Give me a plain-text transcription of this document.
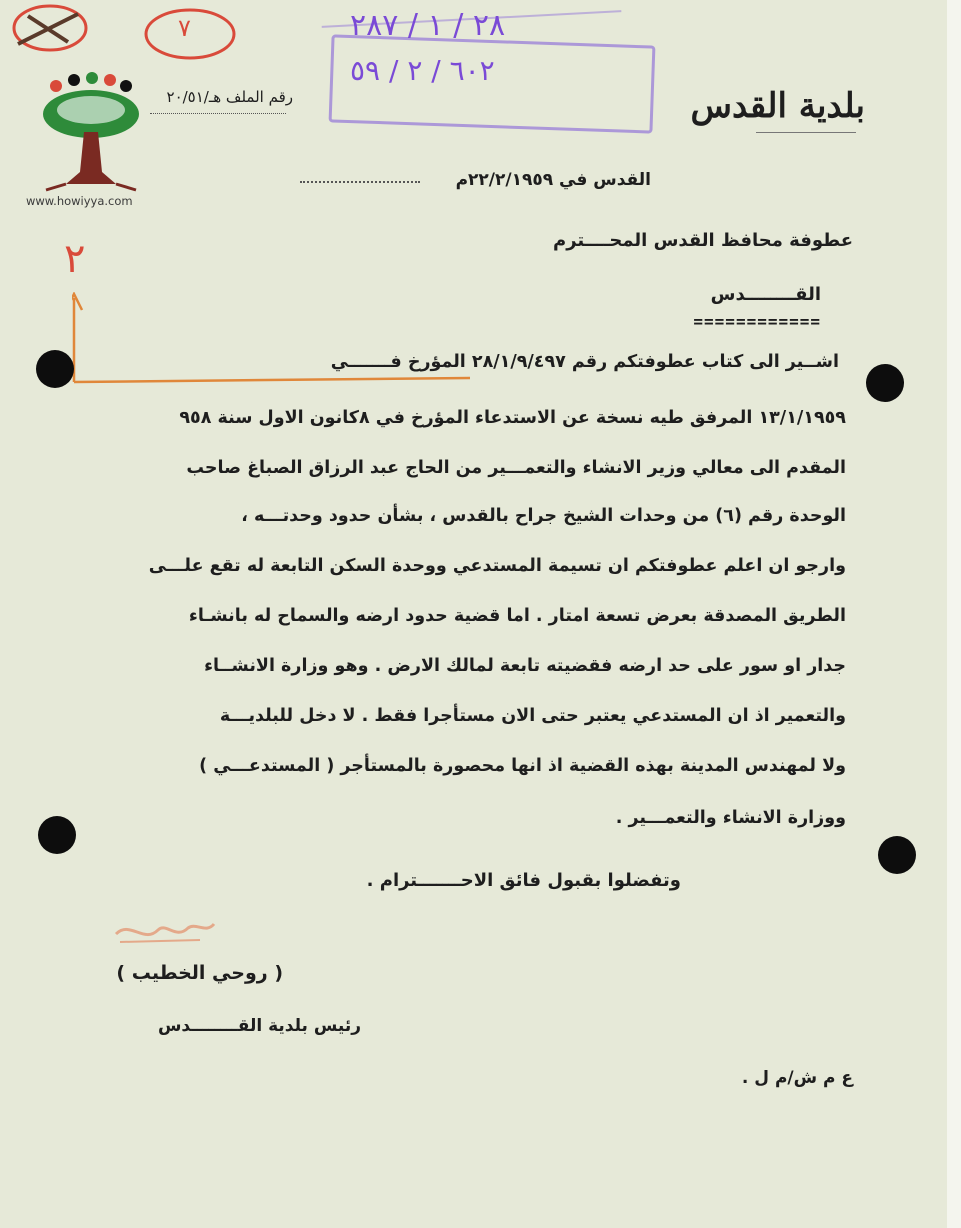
٧	٢٨ / ١ / ٢٨٧
٦٠٢ / ٢ / ٥٩
بلدية القدس
رقم الملف هـ/٢٠/٥١
www.howiyya.com
القدس في ٢٢/٢/١٩٥٩م
عطوفة محافظ القدس المحــــترم
القــــــــدس
============
٢
اشــير الى كتاب عطوفتكم رقم ٢٨/١/٩/٤٩٧ المؤرخ فـــــــي
١٣/١/١٩٥٩ المرفق طيه نسخة عن الاستدعاء المؤرخ في ٨كانون الاول سنة ٩٥٨
المقدم الى معالي وزير الانشاء والتعمـــير من الحاج عبد الرزاق الصباغ صاحب
الوحدة رقم (٦) من وحدات الشيخ جراح بالقدس ، بشأن حدود وحدتـــه ،
وارجو ان اعلم عطوفتكم ان تسيمة المستدعي ووحدة السكن التابعة له تقع علـــى
الطريق المصدقة بعرض تسعة امتار . اما قضية حدود ارضه والسماح له بانشـاء
جدار او سور على حد ارضه فقضيته تابعة لمالك الارض . وهو وزارة الانشــاء
والتعمير اذ ان المستدعي يعتبر حتى الان مستأجرا فقط . لا دخل للبلديـــة
ولا لمهندس المدينة بهذه القضية اذ انها محصورة بالمستأجر ( المستدعـــي )
ووزارة الانشاء والتعمـــير .
وتفضلوا بقبول فائق الاحـــــــترام .
( روحي الخطيب )
رئيس بلدية القــــــــدس
ع م ش/م ل .
